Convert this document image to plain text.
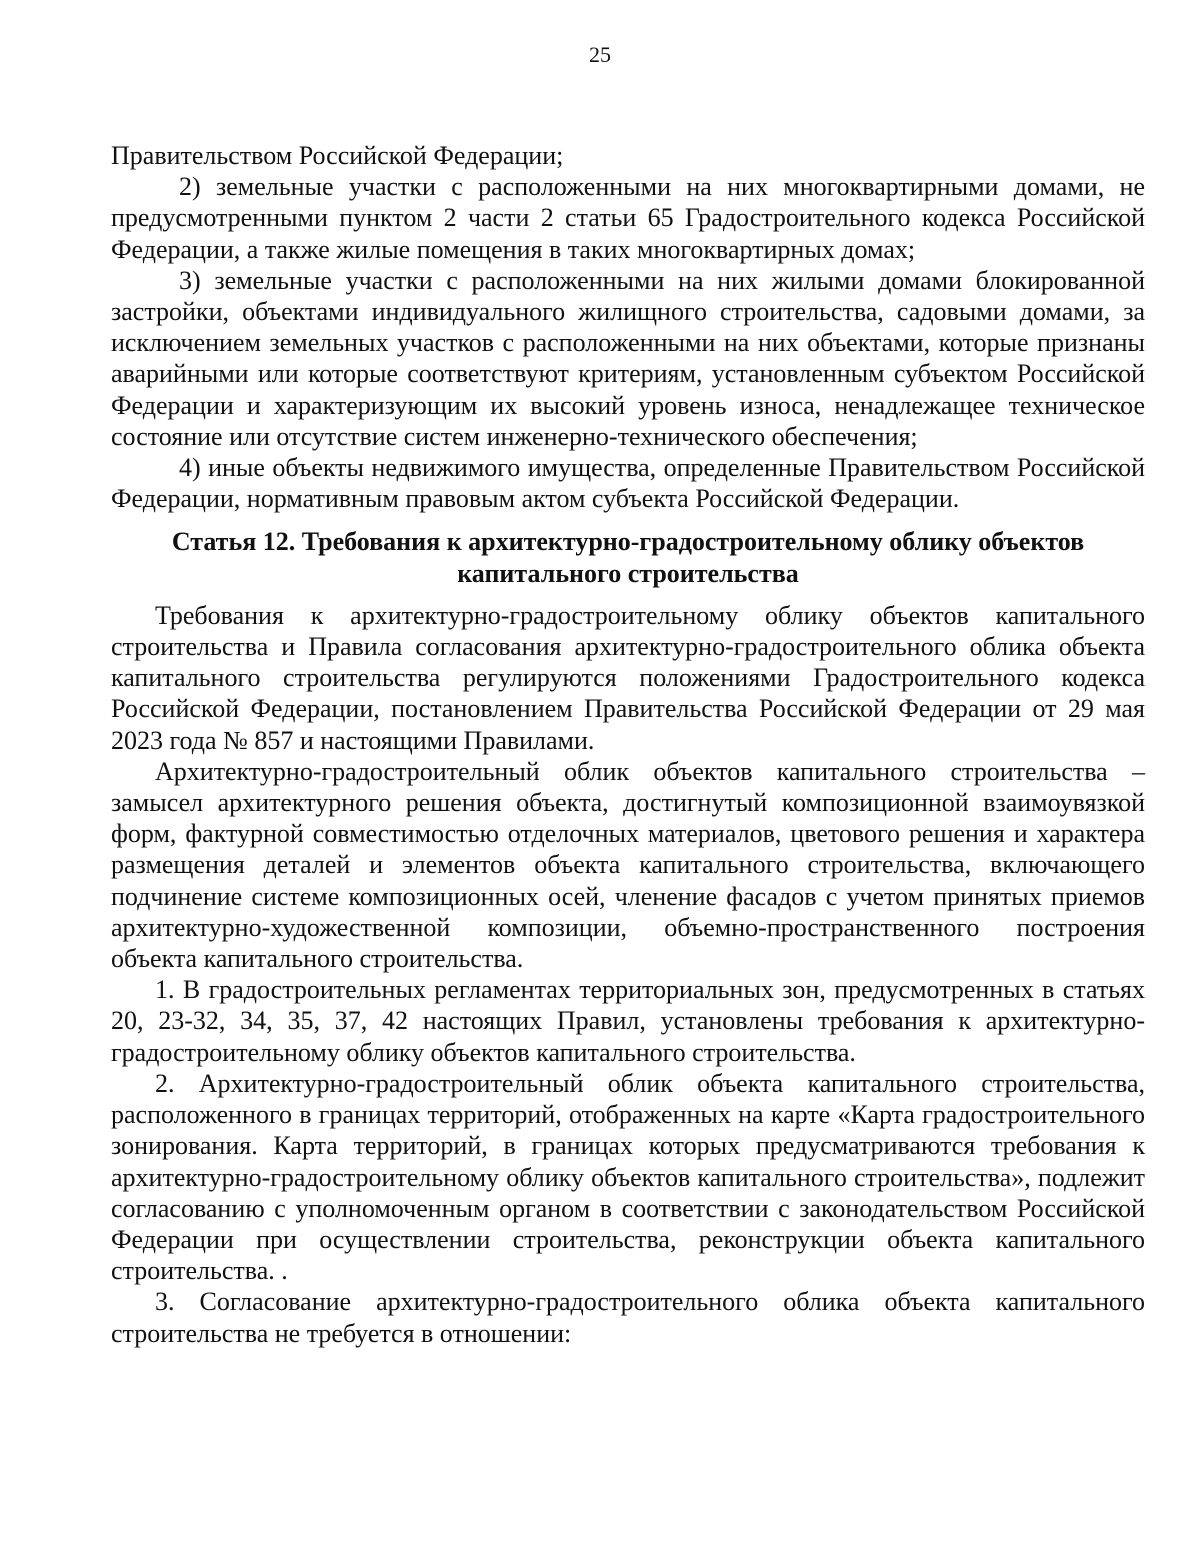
25

Правительством Российской Федерации;

2) земельные участки с расположенными на них многоквартирными домами, не предусмотренными пунктом 2 части 2 статьи 65 Градостроительного кодекса Российской Федерации, а также жилые помещения в таких многоквартирных домах;

3) земельные участки с расположенными на них жилыми домами блокированной застройки, объектами индивидуального жилищного строительства, садовыми домами, за исключением земельных участков с расположенными на них объектами, которые признаны аварийными или которые соответствуют критериям, установленным субъектом Российской Федерации и характеризующим их высокий уровень износа, ненадлежащее техническое состояние или отсутствие систем инженерно-технического обеспечения;

4) иные объекты недвижимого имущества, определенные Правительством Российской Федерации, нормативным правовым актом субъекта Российской Федерации.

Статья 12. Требования к архитектурно-градостроительному облику объектов
капитального строительства

Требования к архитектурно-градостроительному облику объектов капитального строительства и Правила согласования архитектурно-градостроительного облика объекта капитального строительства регулируются положениями Градостроительного кодекса Российской Федерации, постановлением Правительства Российской Федерации от 29 мая 2023 года № 857 и настоящими Правилами.

Архитектурно-градостроительный облик объектов капитального строительства – замысел архитектурного решения объекта, достигнутый композиционной взаимоувязкой форм, фактурной совместимостью отделочных материалов, цветового решения и характера размещения деталей и элементов объекта капитального строительства, включающего подчинение системе композиционных осей, членение фасадов с учетом принятых приемов архитектурно-художественной композиции, объемно-пространственного построения объекта капитального строительства.

1. В градостроительных регламентах территориальных зон, предусмотренных в статьях 20, 23-32, 34, 35, 37, 42 настоящих Правил, установлены требования к архитектурно-градостроительному облику объектов капитального строительства.

2. Архитектурно-градостроительный облик объекта капитального строительства, расположенного в границах территорий, отображенных на карте «Карта градостроительного зонирования. Карта территорий, в границах которых предусматриваются требования к архитектурно-градостроительному облику объектов капитального строительства», подлежит согласованию с уполномоченным органом в соответствии с законодательством Российской Федерации при осуществлении строительства, реконструкции объекта капитального строительства. .

3. Согласование архитектурно-градостроительного облика объекта капитального строительства не требуется в отношении:
